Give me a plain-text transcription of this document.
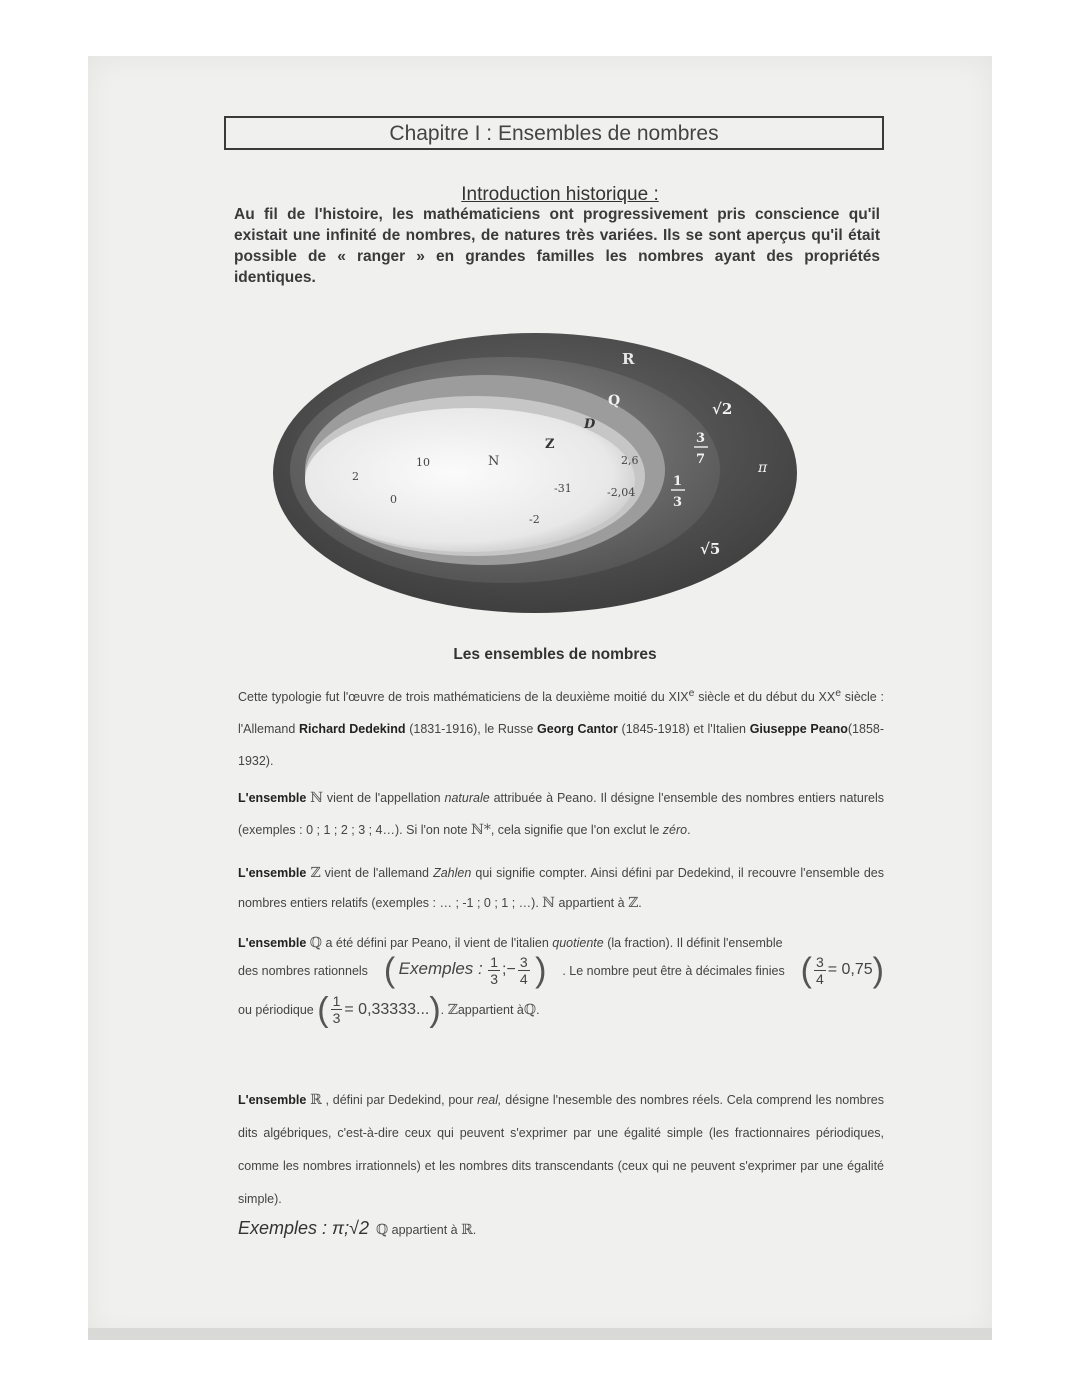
Chapitre I : Ensembles de nombres
Introduction historique :
Au fil de l'histoire, les mathématiciens ont progressivement pris conscience qu'il existait une infinité de nombres, de natures très variées. Ils se sont aperçus qu'il était possible de « ranger » en grandes familles les nombres ayant des propriétés identiques.
R
Q
D
Z
N
2
10
0
-31
-2
2,6
-2,04
3
7
1
3
√2
π
√5
Les ensembles de nombres
Cette typologie fut l'œuvre de trois mathématiciens de la deuxième moitié du XIXe siècle et du début du XXe siècle : l'Allemand Richard Dedekind (1831-1916), le Russe Georg Cantor (1845-1918) et l'Italien Giuseppe Peano(1858-1932).
L'ensemble ℕ vient de l'appellation naturale attribuée à Peano. Il désigne l'ensemble des nombres entiers naturels (exemples : 0 ; 1 ; 2 ; 3 ; 4…). Si l'on note ℕ*, cela signifie que l'on exclut le zéro.
L'ensemble ℤ vient de l'allemand Zahlen qui signifie compter. Ainsi défini par Dedekind, il recouvre l'ensemble des nombres entiers relatifs (exemples : … ; -1 ; 0 ; 1 ; …). ℕ appartient à ℤ.
L'ensemble ℚ a été défini par Peano, il vient de l'italien quotiente (la fraction). Il définit l'ensemble
des nombres rationnels ( Exemples : $\frac{1}{3}$ ;− $\frac{3}{4}$ ) . Le nombre peut être à décimales finies ( $\frac{3}{4} = 0,75$)
ou périodique
( $\frac{1}{3} = 0,33333$... ) . ℤ appartient à ℚ .
L'ensemble ℝ , défini par Dedekind, pour real, désigne l'nesemble des nombres réels. Cela comprend les nombres dits algébriques, c'est-à-dire ceux qui peuvent s'exprimer par une égalité simple (les fractionnaires périodiques, comme les nombres irrationnels) et les nombres dits transcendants (ceux qui ne peuvent s'exprimer par une égalité simple).
Exemples : π;√2 ℚ appartient à ℝ.
